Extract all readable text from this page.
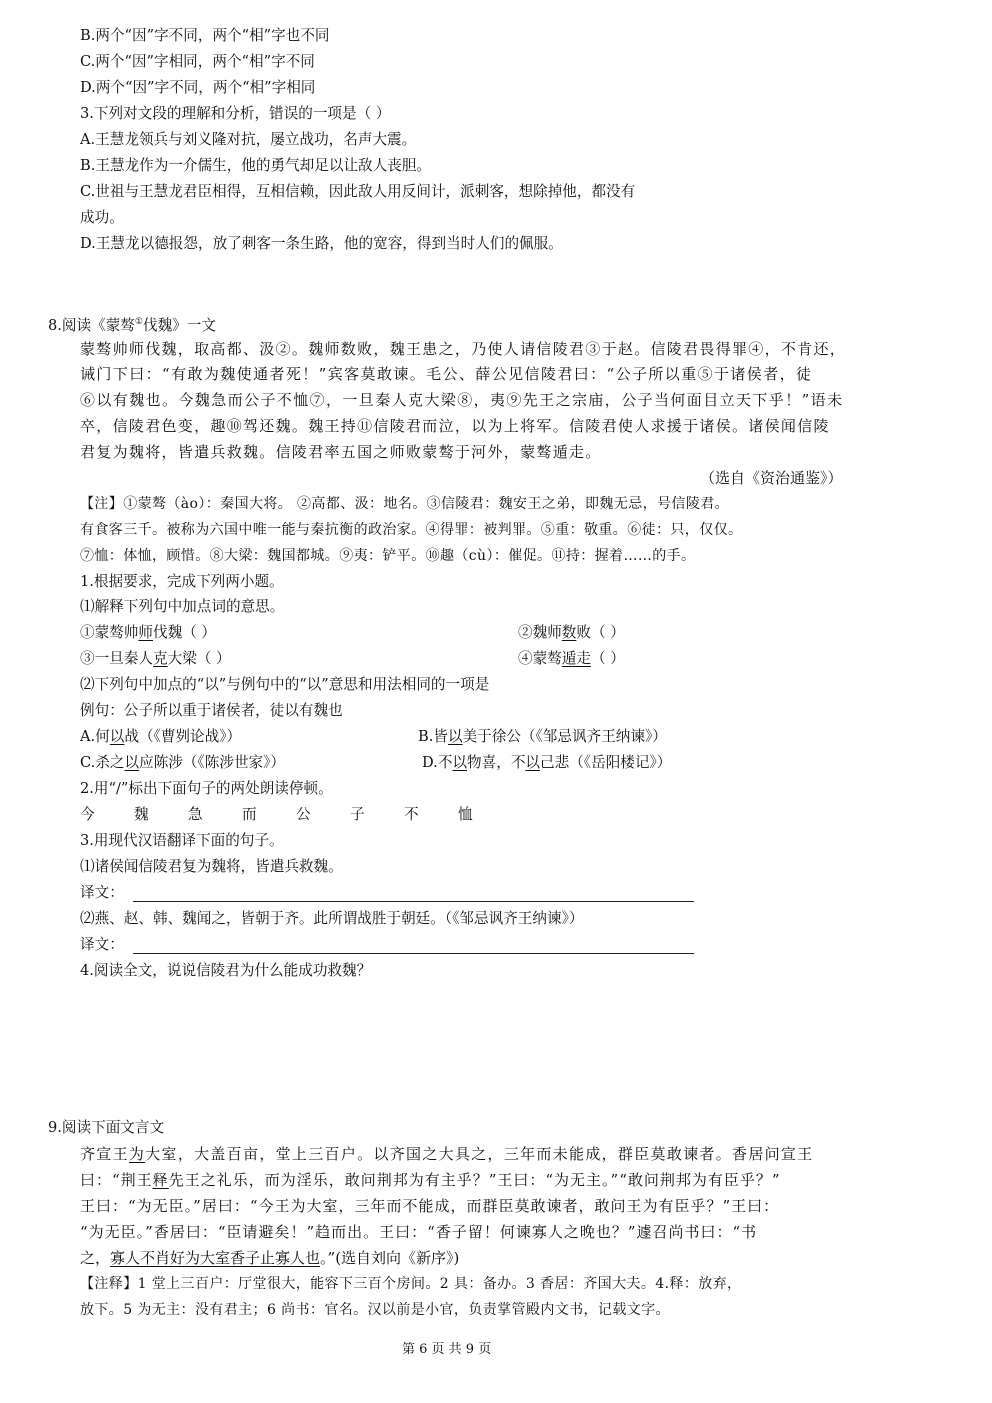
B.两个“因”字不同，两个“相”字也不同
C.两个“因”字相同，两个“相”字不同
D.两个“因”字不同，两个“相”字相同
3.下列对文段的理解和分析，错误的一项是（ ）
A.王慧龙领兵与刘义隆对抗，屡立战功，名声大震。
B.王慧龙作为一介儒生，他的勇气却足以让敌人丧胆。
C.世祖与王慧龙君臣相得，互相信赖，因此敌人用反间计，派刺客，想除掉他，都没有
成功。
D.王慧龙以德报怨，放了刺客一条生路，他的宽容，得到当时人们的佩服。
8.阅读《蒙骜①伐魏》一文
蒙骜帅师伐魏，取高都、汲②。魏师数败，魏王患之，乃使人请信陵君③于赵。信陵君畏得罪④，不肯还，
诫门下曰：“有敢为魏使通者死！”宾客莫敢谏。毛公、薛公见信陵君曰：“公子所以重⑤于诸侯者，徒
⑥以有魏也。今魏急而公子不恤⑦，一旦秦人克大梁⑧，夷⑨先王之宗庙，公子当何面目立天下乎！”语未
卒，信陵君色变，趣⑩驾还魏。魏王持⑪信陵君而泣，以为上将军。信陵君使人求援于诸侯。诸侯闻信陵
君复为魏将，皆遣兵救魏。信陵君率五国之师败蒙骜于河外，蒙骜遁走。
（选自《资治通鉴》）
【注】①蒙骜（ào）：秦国大将。 ②高都、汲：地名。③信陵君：魏安王之弟，即魏无忌，号信陵君。
有食客三千。被称为六国中唯一能与秦抗衡的政治家。④得罪：被判罪。⑤重：敬重。⑥徒：只，仅仅。
⑦恤：体恤，顾惜。⑧大梁：魏国都城。⑨夷：铲平。⑩趣（cù）：催促。⑪持：握着……的手。
1.根据要求，完成下列两小题。
⑴解释下列句中加点词的意思。
①蒙骜帅师伐魏（ ）	②魏师数败（ ）
③一旦秦人克大梁（ ）	④蒙骜遁走（ ）
⑵下列句中加点的“以”与例句中的“以”意思和用法相同的一项是
例句：公子所以重于诸侯者，徒以有魏也
A.何以战（《曹刿论战》）	B.皆以美于徐公（《邹忌讽齐王纳谏》）
C.杀之以应陈涉（《陈涉世家》）	D.不以物喜，不以己悲（《岳阳楼记》）
2.用“/”标出下面句子的两处朗读停顿。
今	魏	急	而	公	子	不	恤
3.用现代汉语翻译下面的句子。
⑴诸侯闻信陵君复为魏将，皆遣兵救魏。
译文：
⑵燕、赵、韩、魏闻之，皆朝于齐。此所谓战胜于朝廷。（《邹忌讽齐王纳谏》）
译文：
4.阅读全文，说说信陵君为什么能成功救魏？
9.阅读下面文言文
齐宣王为大室，大盖百亩，堂上三百户。以齐国之大具之，三年而未能成，群臣莫敢谏者。香居问宣王
曰：“荆王释先王之礼乐，而为淫乐，敢问荆邦为有主乎？”王曰：“为无主。”“敢问荆邦为有臣乎？”
王曰：“为无臣。”居曰：“今王为大室，三年而不能成，而群臣莫敢谏者，敢问王为有臣乎？”王曰：
“为无臣。”香居曰：“臣请避矣！”趋而出。王曰：“香子留！何谏寡人之晚也？”遽召尚书曰：“书
之，寡人不肖好为大室香子止寡人也。”(选自刘向《新序》)
【注释】1 堂上三百户：厅堂很大，能容下三百个房间。2 具：备办。3 香居：齐国大夫。4.释：放弃，
放下。5 为无主：没有君主；6 尚书：官名。汉以前是小官，负责掌管殿内文书，记载文字。
第 6 页 共 9 页
